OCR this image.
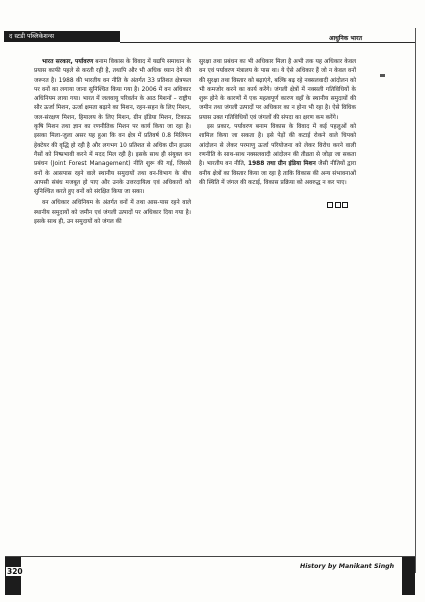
द स्टडी पब्लिकेशन्स	आधुनिक भारत

भारत सरकार, पर्यावरण बनाम विकास के विवाद में यद्यपि समाधान के प्रयास काफी पहले से करती रही है, तथापि और भी अधिक ध्यान देने की जरूरत है। 1988 की भारतीय वन नीति के अंतर्गत 33 प्रतिशत क्षेत्रफल पर वनों का लगाया जाना सुनिश्चित किया गया है। 2006 में वन अधिकार अधिनियम लाया गया। भारत में जलवायु परिवर्तन के आठ मिशनों – राष्ट्रीय सौर ऊर्जा मिशन, ऊर्जा क्षमता बढ़ाने का मिशन, रहन-सहन के लिए मिशन, जल-संरक्षण मिशन, हिमालय के लिए मिशन, ग्रीन इंडिया मिशन, टिकाऊ कृषि मिशन तथा ज्ञान का रणनीतिक मिशन पर कार्य किया जा रहा है। इसका मिला-जुला असर यह हुआ कि वन क्षेत्र में प्रतिवर्ष 0.8 मिलियन हेक्टेयर की वृद्धि हो रही है और लगभग 10 प्रतिशत से अधिक ग्रीन हाउस गैसों को निष्प्रभावी करने में मदद मिल रही है। इसके साथ ही संयुक्त वन प्रबंधन (Joint Forest Management) नीति शुरू की गई, जिससे वनों के आसपास रहने वाले स्थानीय समुदायों तथा वन-विभाग के बीच आपसी संबंध मजबूत हो पाए और उनके उत्तरदायित्व एवं अधिकारों को सुनिश्चित करते हुए वनों को संरक्षित किया जा सका।

वन अधिकार अधिनियम के अंतर्गत वनों में तथा आस-पास रहने वाले स्थानीय समुदायों को जमीन एवं जंगली उत्पादों पर अधिकार दिया गया है। इसके साथ ही, उन समुदायों को जंगल की

सुरक्षा तथा प्रबंधन का भी अधिकार मिला है अभी तक यह अधिकार केवल वन एवं पर्यावरण मंत्रालय के पास था। ये ऐसे अधिकार हैं जो न केवल वनों की सुरक्षा तथा विस्तार को बढ़ाएंगे, बल्कि बढ़ रहे नक्सलवादी आंदोलन को भी कमजोर करने का कार्य करेंगे। जंगली क्षेत्रों में नक्सली गतिविधियों के शुरू होने के कारणों में एक महत्वपूर्ण कारण वहाँ के स्थानीय समुदायों की जमीन तथा जंगली उत्पादों पर अधिकार का न होना भी रहा है। ऐसे विधिक प्रयास उक्त गतिविधियों एवं जंगलों की संपदा का क्षरण कम करेंगे।

इस प्रकार, पर्यावरण बनाम विकास के विवाद में कई पहलुओं को शामिल किया जा सकता है। इसे पेड़ों की कटाई रोकने वाले चिपको आंदोलन से लेकर परमाणु ऊर्जा परियोजना को लेकर विरोध करने वाली रणनीति के साथ-साथ नक्सलवादी आंदोलन की तीव्रता से जोड़ा जा सकता है। भारतीय वन नीति, 1988 तथा ग्रीन इंडिया मिशन जैसी नीतियों द्वारा वनीय क्षेत्रों का विस्तार किया जा रहा है ताकि विकास की अन्य संभावनाओं की स्थिति में जंगल की कटाई, विकास प्रक्रिया को अवरुद्ध न कर पाए।

320
History by Manikant Singh
